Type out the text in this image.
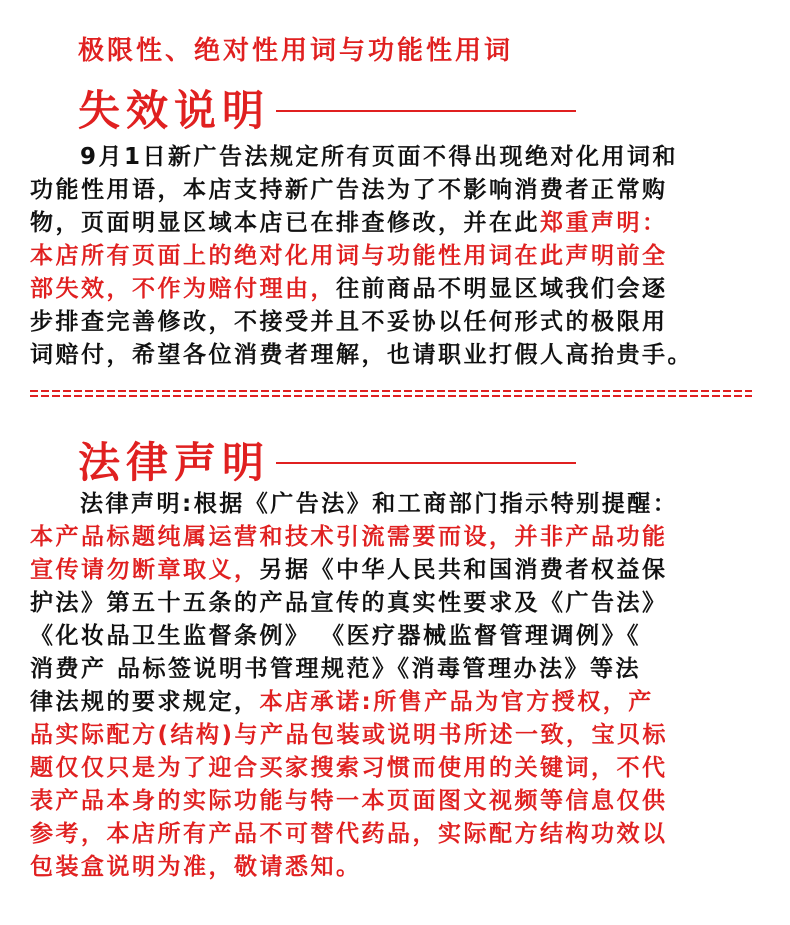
极限性、绝对性用词与功能性用词
失效说明
9月1日新广告法规定所有页面不得出现绝对化用词和
功能性用语，本店支持新广告法为了不影响消费者正常购
物，页面明显区域本店已在排查修改，并在此郑重声明：
本店所有页面上的绝对化用词与功能性用词在此声明前全
部失效，不作为赔付理由，往前商品不明显区域我们会逐
步排查完善修改，不接受并且不妥协以任何形式的极限用
词赔付，希望各位消费者理解，也请职业打假人高抬贵手。
法律声明
法律声明:根据《广告法》和工商部门指示特别提醒：
本产品标题纯属运营和技术引流需要而设，并非产品功能
宣传请勿断章取义，另据《中华人民共和国消费者权益保
护法》第五十五条的产品宣传的真实性要求及《广告法》
《化妆品卫生监督条例》 《医疗器械监督管理调例》《
消费产 品标签说明书管理规范》《消毒管理办法》等法
律法规的要求规定，本店承诺:所售产品为官方授权，产
品实际配方(结构)与产品包装或说明书所述一致，宝贝标
题仅仅只是为了迎合买家搜索习惯而使用的关键词，不代
表产品本身的实际功能与特一本页面图文视频等信息仅供
参考，本店所有产品不可替代药品，实际配方结构功效以
包装盒说明为准，敬请悉知。
